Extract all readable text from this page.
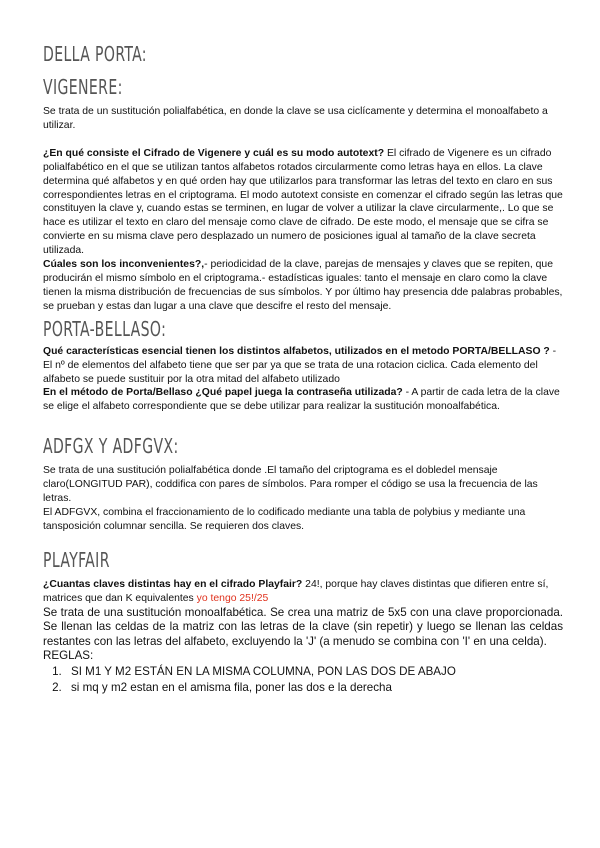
DELLA PORTA:
VIGENERE:

Se trata de un sustitución polialfabética, en donde la clave se usa ciclícamente y determina el monoalfabeto a utilizar.

¿En qué consiste el Cifrado de Vigenere y cuál es su modo autotext? El cifrado de Vigenere es un cifrado polialfabético en el que se utilizan tantos alfabetos rotados circularmente como letras haya en ellos. La clave determina qué alfabetos y en qué orden hay que utilizarlos para transformar las letras del texto en claro en sus correspondientes letras en el criptograma. El modo autotext consiste en comenzar el cifrado según las letras que constituyen la clave y, cuando estas se terminen, en lugar de volver a utilizar la clave circularmente,. Lo que se hace es utilizar el texto en claro del mensaje como clave de cifrado. De este modo, el mensaje que se cifra se convierte en su misma clave pero desplazado un numero de posiciones igual al tamaño de la clave secreta utilizada.

Cúales son los inconvenientes?,- periodicidad de la clave, parejas de mensajes y claves que se repiten, que producirán el mismo símbolo en el criptograma.- estadísticas iguales: tanto el mensaje en claro como la clave tienen la misma distribución de frecuencias de sus símbolos. Y por último hay presencia dde palabras probables, se prueban y estas dan lugar a una clave que descifre el resto del mensaje.

PORTA-BELLASO:

Qué características esencial tienen los distintos alfabetos, utilizados en el metodo PORTA/BELLASO ? - El nº de elementos del alfabeto tiene que ser par ya que se trata de una rotacion ciclica. Cada elemento del alfabeto se puede sustituir por la otra mitad del alfabeto utilizado

En el método de Porta/Bellaso ¿Qué papel juega la contraseña utilizada? - A partir de cada letra de la clave se elige el alfabeto correspondiente que se debe utilizar para realizar la sustitución monoalfabética.

ADFGX Y ADFGVX:

Se trata de una sustitución polialfabética donde .El tamaño del criptograma es el dobledel mensaje claro(LONGITUD PAR), coddifica con pares de símbolos. Para romper el código se usa la frecuencia de las letras.

El ADFGVX, combina el fraccionamiento de lo codificado mediante una tabla de polybius y mediante una tansposición columnar sencilla. Se requieren dos claves.

PLAYFAIR

¿Cuantas claves distintas hay en el cifrado Playfair? 24!, porque hay claves distintas que difieren entre sí, matrices que dan K equivalentes yo tengo 25!/25

Se trata de una sustitución monoalfabética. Se crea una matriz de 5x5 con una clave proporcionada. Se llenan las celdas de la matriz con las letras de la clave (sin repetir) y luego se llenan las celdas restantes con las letras del alfabeto, excluyendo la 'J' (a menudo se combina con 'I' en una celda).

REGLAS:

1. SI M1 Y M2 ESTÁN EN LA MISMA COLUMNA, PON LAS DOS DE ABAJO
2. si mq y m2 estan en el amisma fila, poner las dos e la derecha
